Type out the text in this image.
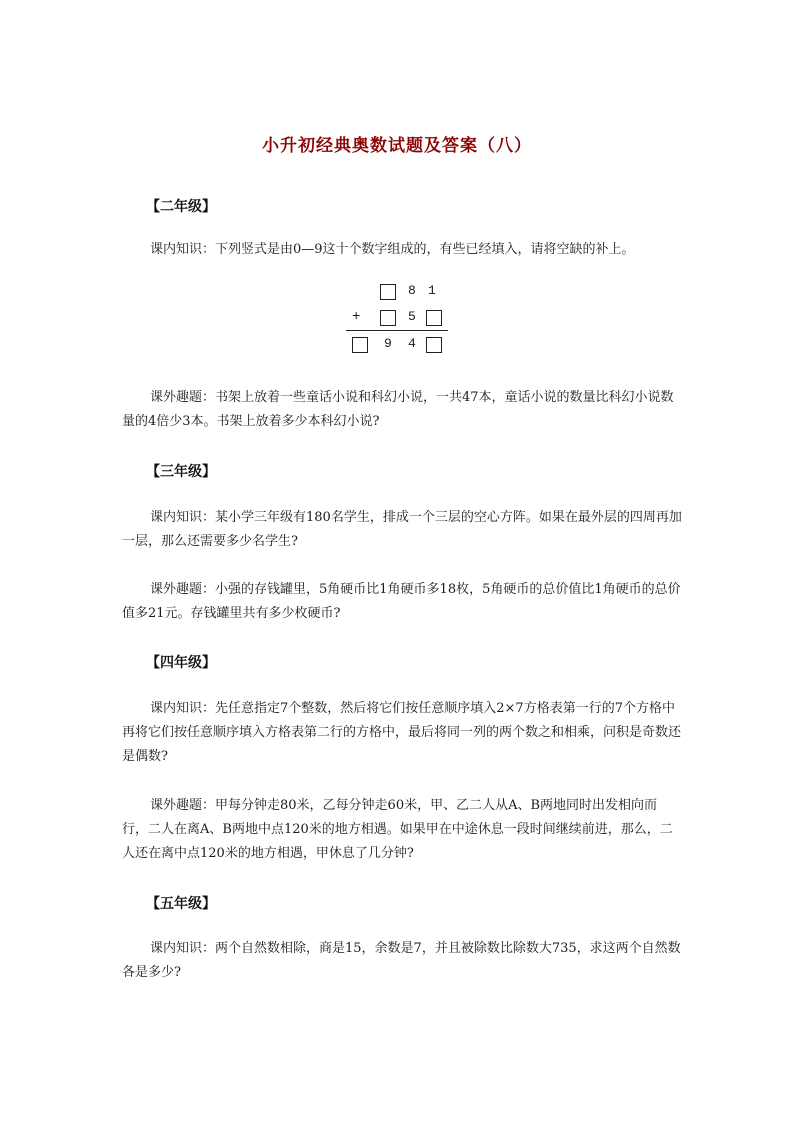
小升初经典奥数试题及答案（八）
【二年级】

课内知识：下列竖式是由0—9这十个数字组成的，有些已经填入，请将空缺的补上。

8 1
+	5
9 4

课外趣题：书架上放着一些童话小说和科幻小说，一共47本，童话小说的数量比科幻小说数量的4倍少3本。书架上放着多少本科幻小说?

【三年级】

课内知识：某小学三年级有180名学生，排成一个三层的空心方阵。如果在最外层的四周再加一层，那么还需要多少名学生?

课外趣题：小强的存钱罐里，5角硬币比1角硬币多18枚，5角硬币的总价值比1角硬币的总价值多21元。存钱罐里共有多少枚硬币?

【四年级】

课内知识：先任意指定7个整数，然后将它们按任意顺序填入2×7方格表第一行的7个方格中再将它们按任意顺序填入方格表第二行的方格中，最后将同一列的两个数之和相乘，问积是奇数还是偶数?

课外趣题：甲每分钟走80米，乙每分钟走60米，甲、乙二人从A、B两地同时出发相向而行，二人在离A、B两地中点120米的地方相遇。如果甲在中途休息一段时间继续前进，那么，二人还在离中点120米的地方相遇，甲休息了几分钟?

【五年级】

课内知识：两个自然数相除，商是15，余数是7，并且被除数比除数大735，求这两个自然数各是多少?
